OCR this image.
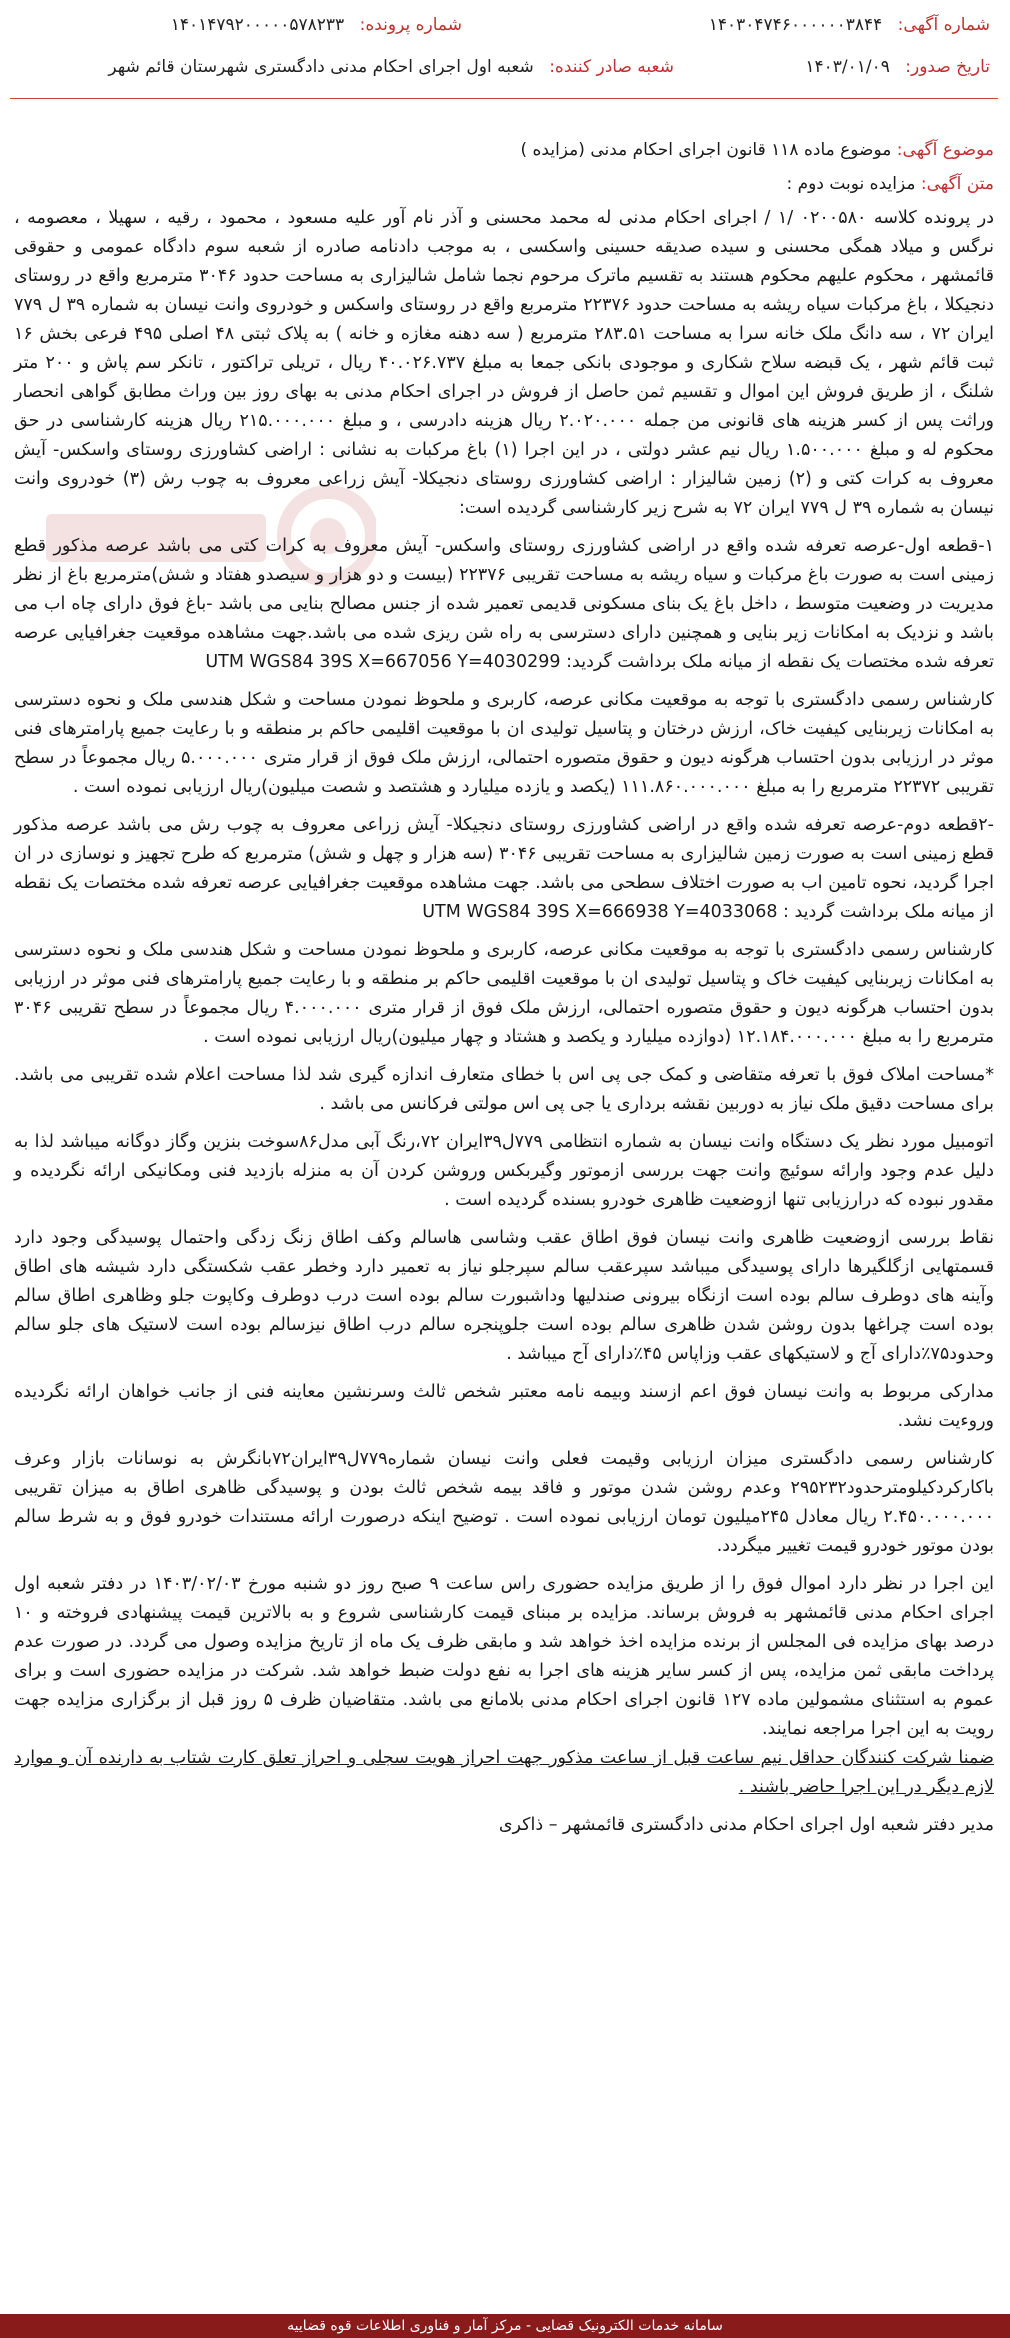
شماره آگهی: ۱۴۰۳۰۴۷۴۶۰۰۰۰۰۰۳۸۴۴
شماره پرونده: ۱۴۰۱۴۷۹۲۰۰۰۰۰۵۷۸۲۳۳
تاریخ صدور: ۱۴۰۳/۰۱/۰۹
شعبه صادر کننده: شعبه اول اجرای احکام مدنی دادگستری شهرستان قائم شهر

موضوع آگهی: موضوع ماده ۱۱۸ قانون اجرای احکام مدنی (مزایده )

متن آگهی: مزایده نوبت دوم :

در پرونده کلاسه ۰۲۰۰۵۸۰ /۱ / اجرای احکام مدنی له محمد محسنی و آذر نام آور علیه مسعود ، محمود ، رقیه ، سهیلا ، معصومه ، نرگس و میلاد همگی محسنی و سیده صدیقه حسینی واسکسی ، به موجب دادنامه صادره از شعبه سوم دادگاه عمومی و حقوقی قائمشهر ، محکوم علیهم محکوم هستند به تقسیم ماترک مرحوم نجما شامل شالیزاری به مساحت حدود ۳۰۴۶ مترمربع واقع در روستای دنجیکلا ، باغ مرکبات سیاه ریشه به مساحت حدود ۲۲۳۷۶ مترمربع واقع در روستای واسکس و خودروی وانت نیسان به شماره ۳۹ ل ۷۷۹ ایران ۷۲ ، سه دانگ ملک خانه سرا به مساحت ۲۸۳.۵۱ مترمربع ( سه دهنه مغازه و خانه ) به پلاک ثبتی ۴۸ اصلی ۴۹۵ فرعی بخش ۱۶ ثبت قائم شهر ، یک قبضه سلاح شکاری و موجودی بانکی جمعا به مبلغ ۴۰.۰۲۶.۷۳۷ ریال ، تریلی تراکتور ، تانکر سم پاش و ۲۰۰ متر شلنگ ، از طریق فروش این اموال و تقسیم ثمن حاصل از فروش در اجرای احکام مدنی به بهای روز بین وراث مطابق گواهی انحصار وراثت پس از کسر هزینه های قانونی من جمله ۲.۰۲۰.۰۰۰ ریال هزینه دادرسی ، و مبلغ ۲۱۵.۰۰۰.۰۰۰ ریال هزینه کارشناسی در حق محکوم له و مبلغ ۱.۵۰۰.۰۰۰ ریال نیم عشر دولتی ، در این اجرا (۱) باغ مرکبات به نشانی : اراضی کشاورزی روستای واسکس- آیش معروف به کرات کتی و (۲) زمین شالیزار : اراضی کشاورزی روستای دنجیکلا- آیش زراعی معروف به چوب رش (۳) خودروی وانت نیسان به شماره ۳۹ ل ۷۷۹ ایران ۷۲ به شرح زیر کارشناسی گردیده است:

۱-قطعه اول-عرصه تعرفه شده واقع در اراضی کشاورزی روستای واسکس- آیش معروف به کرات کتی می باشد عرصه مذکور قطع زمینی است به صورت باغ مرکبات و سیاه ریشه به مساحت تقریبی ۲۲۳۷۶ (بیست و دو هزار و سیصدو هفتاد و شش)مترمربع باغ از نظر مدیریت در وضعیت متوسط ، داخل باغ یک بنای مسکونی قدیمی تعمیر شده از جنس مصالح بنایی می باشد -باغ فوق دارای چاه اب می باشد و نزدیک به امکانات زیر بنایی و همچنین دارای دسترسی به راه شن ریزی شده می باشد.جهت مشاهده موقعیت جغرافیایی عرصه تعرفه شده مختصات یک نقطه از میانه ملک برداشت گردید: UTM WGS84 39S X=667056 Y=4030299

کارشناس رسمی دادگستری با توجه به موقعیت مکانی عرصه، کاربری و ملحوظ نمودن مساحت و شکل هندسی ملک و نحوه دسترسی به امکانات زیربنایی کیفیت خاک، ارزش درختان و پتاسیل تولیدی ان با موقعیت اقلیمی حاکم بر منطقه و با رعایت جمیع پارامترهای فنی موثر در ارزیابی بدون احتساب هرگونه دیون و حقوق متصوره احتمالی، ارزش ملک فوق از قرار متری ۵.۰۰۰.۰۰۰ ریال مجموعاً در سطح تقریبی ۲۲۳۷۲ مترمربع را به مبلغ ۱۱۱.۸۶۰.۰۰۰.۰۰۰ (یکصد و یازده میلیارد و هشتصد و شصت میلیون)ریال ارزیابی نموده است .

-۲قطعه دوم-عرصه تعرفه شده واقع در اراضی کشاورزی روستای دنجیکلا- آیش زراعی معروف به چوب رش می باشد عرصه مذکور قطع زمینی است به صورت زمین شالیزاری به مساحت تقریبی ۳۰۴۶ (سه هزار و چهل و شش) مترمربع که طرح تجهیز و نوسازی در ان اجرا گردید، نحوه تامین اب به صورت اختلاف سطحی می باشد. جهت مشاهده موقعیت جغرافیایی عرصه تعرفه شده مختصات یک نقطه از میانه ملک برداشت گردید : UTM WGS84 39S X=666938 Y=4033068

کارشناس رسمی دادگستری با توجه به موقعیت مکانی عرصه، کاربری و ملحوظ نمودن مساحت و شکل هندسی ملک و نحوه دسترسی به امکانات زیربنایی کیفیت خاک و پتاسیل تولیدی ان با موقعیت اقلیمی حاکم بر منطقه و با رعایت جمیع پارامترهای فنی موثر در ارزیابی بدون احتساب هرگونه دیون و حقوق متصوره احتمالی، ارزش ملک فوق از قرار متری ۴.۰۰۰.۰۰۰ ریال مجموعاً در سطح تقریبی ۳۰۴۶ مترمربع را به مبلغ ۱۲.۱۸۴.۰۰۰.۰۰۰ (دوازده میلیارد و یکصد و هشتاد و چهار میلیون)ریال ارزیابی نموده است .

*مساحت املاک فوق با تعرفه متقاضی و کمک جی پی اس با خطای متعارف اندازه گیری شد لذا مساحت اعلام شده تقریبی می باشد. برای مساحت دقیق ملک نیاز به دوربین نقشه برداری یا جی پی اس مولتی فرکانس می باشد .

اتومبیل مورد نظر یک دستگاه وانت نیسان به شماره انتظامی ۷۷۹ل۳۹ایران ۷۲،رنگ آبی مدل۸۶سوخت بنزین وگاز دوگانه میباشد لذا به دلیل عدم وجود وارائه سوئیچ وانت جهت بررسی ازموتور وگیربکس وروشن کردن آن به منزله بازدید فنی ومکانیکی ارائه نگردیده و مقدور نبوده که درارزیابی تنها ازوضعیت ظاهری خودرو بسنده گردیده است .

نقاط بررسی ازوضعیت ظاهری وانت نیسان فوق اطاق عقب وشاسی هاسالم وکف اطاق زنگ زدگی واحتمال پوسیدگی وجود دارد قسمتهایی ازگلگیرها دارای پوسیدگی میباشد سپرعقب سالم سپرجلو نیاز به تعمیر دارد وخطر عقب شکستگی دارد شیشه های اطاق وآینه های دوطرف سالم بوده است ازنگاه بیرونی صندلیها وداشبورت سالم بوده است درب دوطرف وکاپوت جلو وظاهری اطاق سالم بوده است چراغها بدون روشن شدن ظاهری سالم بوده است جلوپنجره سالم درب اطاق نیزسالم بوده است لاستیک های جلو سالم وحدود۷۵٪دارای آج و لاستیکهای عقب وزاپاس ۴۵٪دارای آج میباشد .

مدارکی مربوط به وانت نیسان فوق اعم ازسند وبیمه نامه معتبر شخص ثالث وسرنشین معاینه فنی از جانب خواهان ارائه نگردیده وروءیت نشد.

کارشناس رسمی دادگستری میزان ارزیابی وقیمت فعلی وانت نیسان شماره۷۷۹ل۳۹ایران۷۲بانگرش به نوسانات بازار وعرف باکارکردکیلومترحدود۲۹۵۲۳۲ وعدم روشن شدن موتور و فاقد بیمه شخص ثالث بودن و پوسیدگی ظاهری اطاق به میزان تقریبی ۲.۴۵۰.۰۰۰.۰۰۰ ریال معادل ۲۴۵میلیون تومان ارزیابی نموده است . توضیح اینکه درصورت ارائه مستندات خودرو فوق و به شرط سالم بودن موتور خودرو قیمت تغییر میگردد.

این اجرا در نظر دارد اموال فوق را از طریق مزایده حضوری راس ساعت ۹ صبح روز دو شنبه مورخ ۱۴۰۳/۰۲/۰۳ در دفتر شعبه اول اجرای احکام مدنی قائمشهر به فروش برساند. مزایده بر مبنای قیمت کارشناسی شروع و به بالاترین قیمت پیشنهادی فروخته و ۱۰ درصد بهای مزایده فی المجلس از برنده مزایده اخذ خواهد شد و مابقی ظرف یک ماه از تاریخ مزایده وصول می گردد. در صورت عدم پرداخت مابقی ثمن مزایده، پس از کسر سایر هزینه های اجرا به نفع دولت ضبط خواهد شد. شرکت در مزایده حضوری است و برای عموم به استثنای مشمولین ماده ۱۲۷ قانون اجرای احکام مدنی بلامانع می باشد. متقاضیان ظرف ۵ روز قبل از برگزاری مزایده جهت رویت به این اجرا مراجعه نمایند.

ضمنا شرکت کنندگان حداقل نیم ساعت قبل از ساعت مذکور جهت احراز هویت سجلی و احراز تعلق کارت شتاب به دارنده آن و موارد لازم دیگر در این اجرا حاضر باشند .

مدیر دفتر شعبه اول اجرای احکام مدنی دادگستری قائمشهر – ذاکری

سامانه خدمات الکترونیک قضایی - مرکز آمار و فناوری اطلاعات قوه قضاییه
